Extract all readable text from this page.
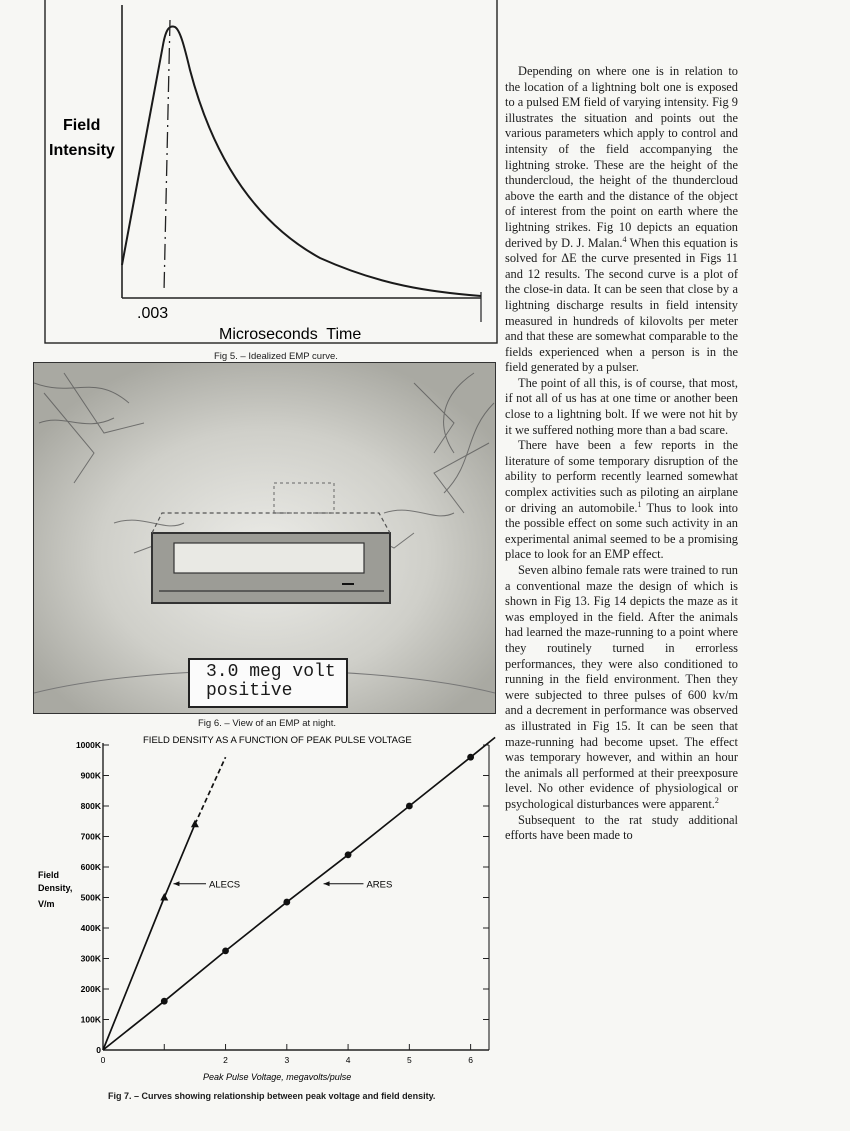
Field
Intensity
.003
Microseconds  Time
Fig 5. – Idealized EMP curve.
3.0 meg volt
positive
Fig 6. – View of an EMP at night.
FIELD DENSITY AS A FUNCTION OF PEAK PULSE VOLTAGE
Peak Pulse Voltage, megavolts/pulse
Field
Density,
V/m
0
100K
200K
300K
400K
500K
600K
700K
800K
900K
1000K
0	2	3	4	5	6
ALECS	ARES
Fig 7. – Curves showing relationship between peak voltage and field density.

Depending on where one is in relation to the location of a lightning bolt one is exposed to a pulsed EM field of varying intensity. Fig 9 illustrates the situation and points out the various parameters which apply to control and intensity of the field accompanying the lightning stroke. These are the height of the thundercloud, the height of the thundercloud above the earth and the distance of the object of interest from the point on earth where the lightning strikes. Fig 10 depicts an equation derived by D. J. Malan.$^4$ When this equation is solved for ΔE the curve presented in Figs 11 and 12 results. The second curve is a plot of the close-in data. It can be seen that close by a lightning discharge results in field intensity measured in hundreds of kilovolts per meter and that these are somewhat comparable to the fields experienced when a person is in the field generated by a pulser.

The point of all this, is of course, that most, if not all of us has at one time or another been close to a lightning bolt. If we were not hit by it we suffered nothing more than a bad scare.

There have been a few reports in the literature of some temporary disruption of the ability to perform recently learned somewhat complex activities such as piloting an airplane or driving an automobile.$^1$ Thus to look into the possible effect on some such activity in an experimental animal seemed to be a promising place to look for an EMP effect.

Seven albino female rats were trained to run a conventional maze the design of which is shown in Fig 13. Fig 14 depicts the maze as it was employed in the field. After the animals had learned the maze-running to a point where they routinely turned in errorless performances, they were also conditioned to running in the field environment. Then they were subjected to three pulses of 600 kv/m and a decrement in performance was observed as illustrated in Fig 15. It can be seen that maze-running had become upset. The effect was temporary however, and within an hour the animals all performed at their preexposure level. No other evidence of physiological or psychological disturbances were apparent.$^2$

Subsequent to the rat study additional efforts have been made to
